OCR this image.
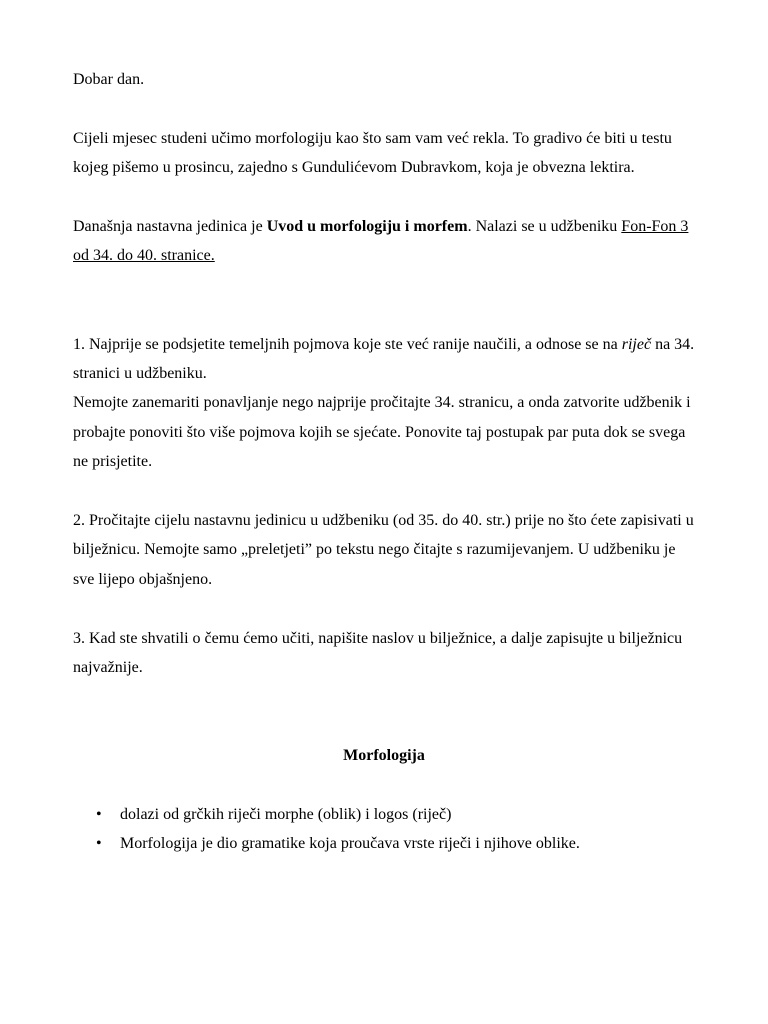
Dobar dan.

Cijeli mjesec studeni učimo morfologiju kao što sam vam već rekla. To gradivo će biti u testu kojeg pišemo u prosincu, zajedno s Gundulićevom Dubravkom, koja je obvezna lektira.

Današnja nastavna jedinica je Uvod u morfologiju i morfem. Nalazi se u udžbeniku Fon-Fon 3 od 34. do 40. stranice.

1. Najprije se podsjetite temeljnih pojmova koje ste već ranije naučili, a odnose se na riječ na 34. stranici u udžbeniku.

Nemojte zanemariti ponavljanje nego najprije pročitajte 34. stranicu, a onda zatvorite udžbenik i probajte ponoviti što više pojmova kojih se sjećate. Ponovite taj postupak par puta dok se svega ne prisjetite.

2. Pročitajte cijelu nastavnu jedinicu u udžbeniku (od 35. do 40. str.) prije no što ćete zapisivati u bilježnicu. Nemojte samo „preletjeti” po tekstu nego čitajte s razumijevanjem. U udžbeniku je sve lijepo objašnjeno.

3. Kad ste shvatili o čemu ćemo učiti, napišite naslov u bilježnice, a dalje zapisujte u bilježnicu najvažnije.

Morfologija

• dolazi od grčkih riječi morphe (oblik) i logos (riječ)
• Morfologija je dio gramatike koja proučava vrste riječi i njihove oblike.
